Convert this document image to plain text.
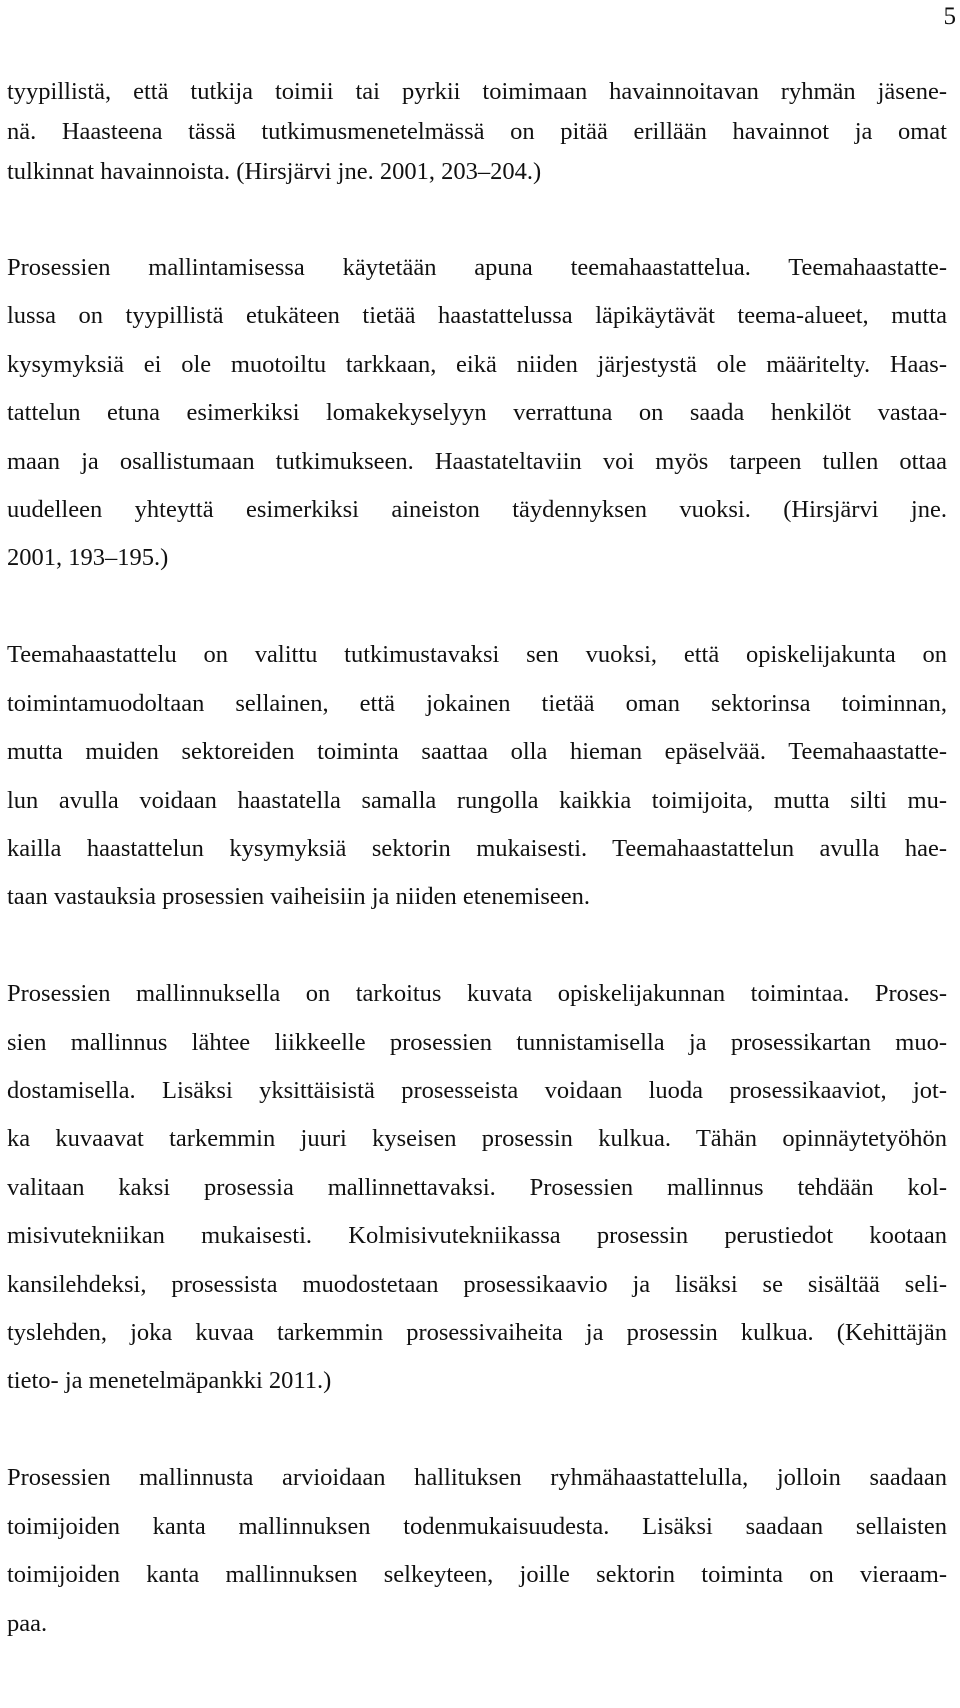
5
tyypillistä, että tutkija toimii tai pyrkii toimimaan havainnoitavan ryhmän jäsene-
nä. Haasteena tässä tutkimusmenetelmässä on pitää erillään havainnot ja omat
tulkinnat havainnoista. (Hirsjärvi jne. 2001, 203–204.)
Prosessien mallintamisessa käytetään apuna teemahaastattelua. Teemahaastatte-
lussa on tyypillistä etukäteen tietää haastattelussa läpikäytävät teema-alueet, mutta
kysymyksiä ei ole muotoiltu tarkkaan, eikä niiden järjestystä ole määritelty. Haas-
tattelun etuna esimerkiksi lomakekyselyyn verrattuna on saada henkilöt vastaa-
maan ja osallistumaan tutkimukseen. Haastateltaviin voi myös tarpeen tullen ottaa
uudelleen yhteyttä esimerkiksi aineiston täydennyksen vuoksi. (Hirsjärvi jne.
2001, 193–195.)
Teemahaastattelu on valittu tutkimustavaksi sen vuoksi, että opiskelijakunta on
toimintamuodoltaan sellainen, että jokainen tietää oman sektorinsa toiminnan,
mutta muiden sektoreiden toiminta saattaa olla hieman epäselvää. Teemahaastatte-
lun avulla voidaan haastatella samalla rungolla kaikkia toimijoita, mutta silti mu-
kailla haastattelun kysymyksiä sektorin mukaisesti. Teemahaastattelun avulla hae-
taan vastauksia prosessien vaiheisiin ja niiden etenemiseen.
Prosessien mallinnuksella on tarkoitus kuvata opiskelijakunnan toimintaa. Proses-
sien mallinnus lähtee liikkeelle prosessien tunnistamisella ja prosessikartan muo-
dostamisella. Lisäksi yksittäisistä prosesseista voidaan luoda prosessikaaviot, jot-
ka kuvaavat tarkemmin juuri kyseisen prosessin kulkua. Tähän opinnäytetyöhön
valitaan kaksi prosessia mallinnettavaksi. Prosessien mallinnus tehdään kol-
misivutekniikan mukaisesti. Kolmisivutekniikassa prosessin perustiedot kootaan
kansilehdeksi, prosessista muodostetaan prosessikaavio ja lisäksi se sisältää seli-
tyslehden, joka kuvaa tarkemmin prosessivaiheita ja prosessin kulkua. (Kehittäjän
tieto- ja menetelmäpankki 2011.)
Prosessien mallinnusta arvioidaan hallituksen ryhmähaastattelulla, jolloin saadaan
toimijoiden kanta mallinnuksen todenmukaisuudesta. Lisäksi saadaan sellaisten
toimijoiden kanta mallinnuksen selkeyteen, joille sektorin toiminta on vieraam-
paa.
